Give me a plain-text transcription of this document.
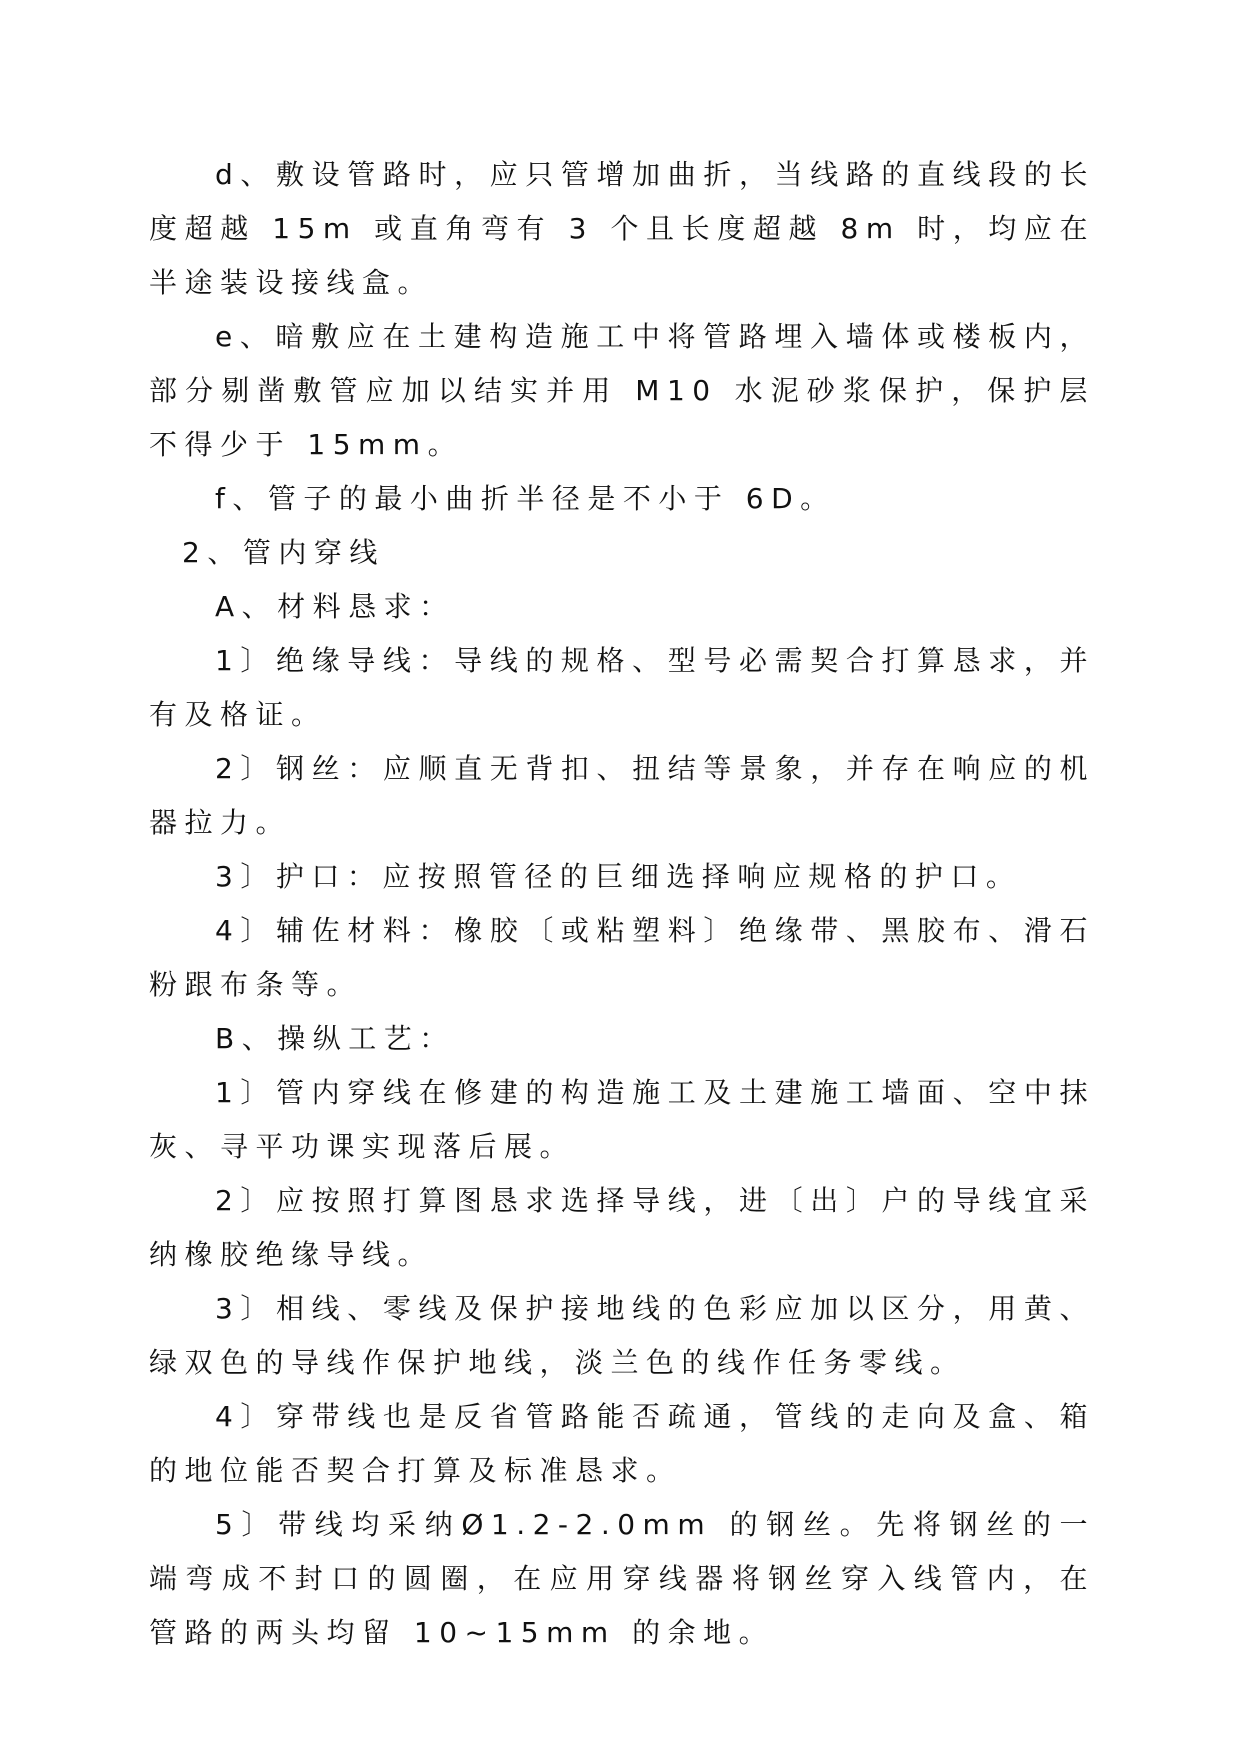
d、敷设管路时，应只管增加曲折，当线路的直线段的长度超越 15m 或直角弯有 3 个且长度超越 8m 时，均应在半途装设接线盒。

e、暗敷应在土建构造施工中将管路埋入墙体或楼板内，部分剔凿敷管应加以结实并用 M10 水泥砂浆保护，保护层不得少于 15mm。

f、管子的最小曲折半径是不小于 6D。

2、管内穿线

A、材料恳求：

1〕绝缘导线：导线的规格、型号必需契合打算恳求，并有及格证。

2〕钢丝：应顺直无背扣、扭结等景象，并存在响应的机器拉力。

3〕护口：应按照管径的巨细选择响应规格的护口。

4〕辅佐材料：橡胶〔或粘塑料〕绝缘带、黑胶布、滑石粉跟布条等。

B、操纵工艺：

1〕管内穿线在修建的构造施工及土建施工墙面、空中抹灰、寻平功课实现落后展。

2〕应按照打算图恳求选择导线，进〔出〕户的导线宜采纳橡胶绝缘导线。

3〕相线、零线及保护接地线的色彩应加以区分，用黄、绿双色的导线作保护地线，淡兰色的线作任务零线。

4〕穿带线也是反省管路能否疏通，管线的走向及盒、箱的地位能否契合打算及标准恳求。

5〕带线均采纳Ø1.2-2.0mm 的钢丝。先将钢丝的一端弯成不封口的圆圈，在应用穿线器将钢丝穿入线管内，在管路的两头均留 10~15mm 的余地。
